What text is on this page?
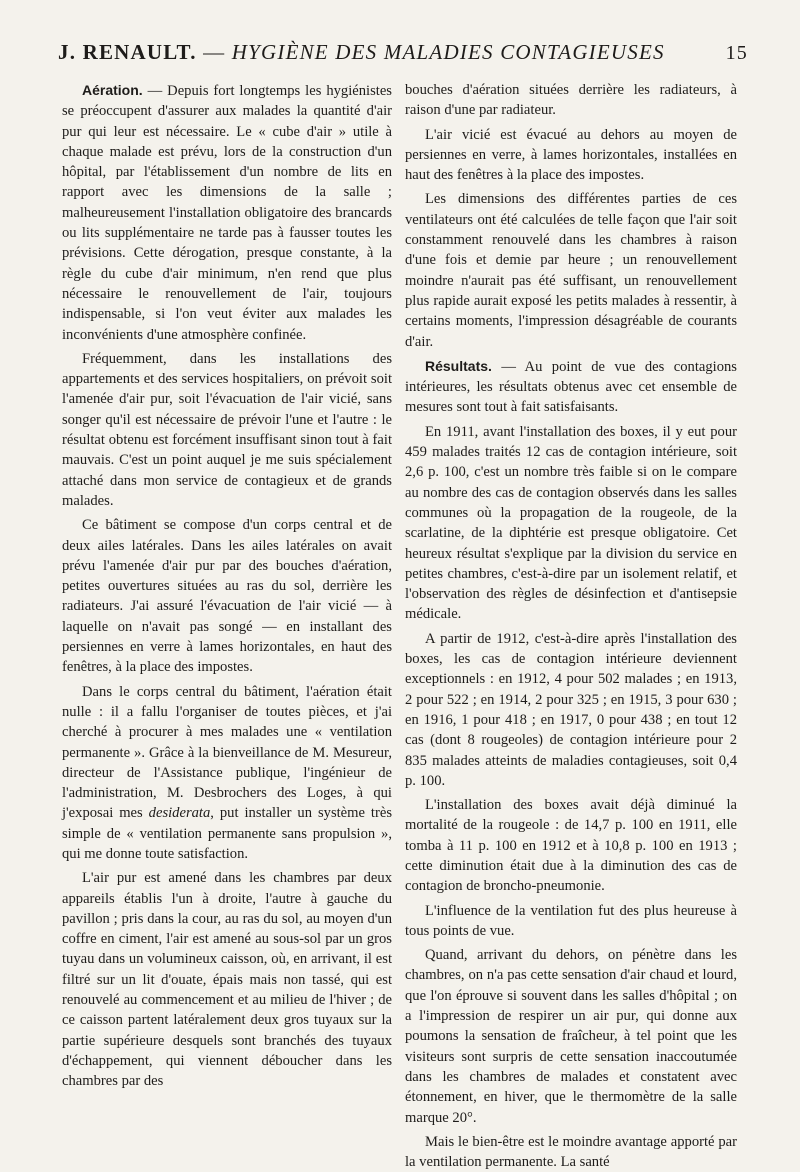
J. RENAULT. — HYGIÈNE DES MALADIES CONTAGIEUSES	15

Aération. — Depuis fort longtemps les hygiénistes se préoccupent d'assurer aux malades la quantité d'air pur qui leur est nécessaire. Le « cube d'air » utile à chaque malade est prévu, lors de la construction d'un hôpital, par l'établissement d'un nombre de lits en rapport avec les dimensions de la salle ; malheureusement l'installation obligatoire des brancards ou lits supplémentaire ne tarde pas à fausser toutes les prévisions. Cette dérogation, presque constante, à la règle du cube d'air minimum, n'en rend que plus nécessaire le renouvellement de l'air, toujours indispensable, si l'on veut éviter aux malades les inconvénients d'une atmosphère confinée.

Fréquemment, dans les installations des appartements et des services hospitaliers, on prévoit soit l'amenée d'air pur, soit l'évacuation de l'air vicié, sans songer qu'il est nécessaire de prévoir l'une et l'autre : le résultat obtenu est forcément insuffisant sinon tout à fait mauvais. C'est un point auquel je me suis spécialement attaché dans mon service de contagieux et de grands malades.

Ce bâtiment se compose d'un corps central et de deux ailes latérales. Dans les ailes latérales on avait prévu l'amenée d'air pur par des bouches d'aération, petites ouvertures situées au ras du sol, derrière les radiateurs. J'ai assuré l'évacuation de l'air vicié — à laquelle on n'avait pas songé — en installant des persiennes en verre à lames horizontales, en haut des fenêtres, à la place des impostes.

Dans le corps central du bâtiment, l'aération était nulle : il a fallu l'organiser de toutes pièces, et j'ai cherché à procurer à mes malades une « ventilation permanente ». Grâce à la bienveillance de M. Mesureur, directeur de l'Assistance publique, l'ingénieur de l'administration, M. Desbrochers des Loges, à qui j'exposai mes desiderata, put installer un système très simple de « ventilation permanente sans propulsion », qui me donne toute satisfaction.

L'air pur est amené dans les chambres par deux appareils établis l'un à droite, l'autre à gauche du pavillon ; pris dans la cour, au ras du sol, au moyen d'un coffre en ciment, l'air est amené au sous-sol par un gros tuyau dans un volumineux caisson, où, en arrivant, il est filtré sur un lit d'ouate, épais mais non tassé, qui est renouvelé au commencement et au milieu de l'hiver ; de ce caisson partent latéralement deux gros tuyaux sur la partie supérieure desquels sont branchés des tuyaux d'échappement, qui viennent déboucher dans les chambres par des

bouches d'aération situées derrière les radiateurs, à raison d'une par radiateur.

L'air vicié est évacué au dehors au moyen de persiennes en verre, à lames horizontales, installées en haut des fenêtres à la place des impostes.

Les dimensions des différentes parties de ces ventilateurs ont été calculées de telle façon que l'air soit constamment renouvelé dans les chambres à raison d'une fois et demie par heure ; un renouvellement moindre n'aurait pas été suffisant, un renouvellement plus rapide aurait exposé les petits malades à ressentir, à certains moments, l'impression désagréable de courants d'air.

Résultats. — Au point de vue des contagions intérieures, les résultats obtenus avec cet ensemble de mesures sont tout à fait satisfaisants.

En 1911, avant l'installation des boxes, il y eut pour 459 malades traités 12 cas de contagion intérieure, soit 2,6 p. 100, c'est un nombre très faible si on le compare au nombre des cas de contagion observés dans les salles communes où la propagation de la rougeole, de la scarlatine, de la diphtérie est presque obligatoire. Cet heureux résultat s'explique par la division du service en petites chambres, c'est-à-dire par un isolement relatif, et l'observation des règles de désinfection et d'antisepsie médicale.

A partir de 1912, c'est-à-dire après l'installation des boxes, les cas de contagion intérieure deviennent exceptionnels : en 1912, 4 pour 502 malades ; en 1913, 2 pour 522 ; en 1914, 2 pour 325 ; en 1915, 3 pour 630 ; en 1916, 1 pour 418 ; en 1917, 0 pour 438 ; en tout 12 cas (dont 8 rougeoles) de contagion intérieure pour 2 835 malades atteints de maladies contagieuses, soit 0,4 p. 100.

L'installation des boxes avait déjà diminué la mortalité de la rougeole : de 14,7 p. 100 en 1911, elle tomba à 11 p. 100 en 1912 et à 10,8 p. 100 en 1913 ; cette diminution était due à la diminution des cas de contagion de broncho-pneumonie.

L'influence de la ventilation fut des plus heureuse à tous points de vue.

Quand, arrivant du dehors, on pénètre dans les chambres, on n'a pas cette sensation d'air chaud et lourd, que l'on éprouve si souvent dans les salles d'hôpital ; on a l'impression de respirer un air pur, qui donne aux poumons la sensation de fraîcheur, à tel point que les visiteurs sont surpris de cette sensation inaccoutumée dans les chambres de malades et constatent avec étonnement, en hiver, que le thermomètre de la salle marque 20°.

Mais le bien-être est le moindre avantage apporté par la ventilation permanente. La santé
